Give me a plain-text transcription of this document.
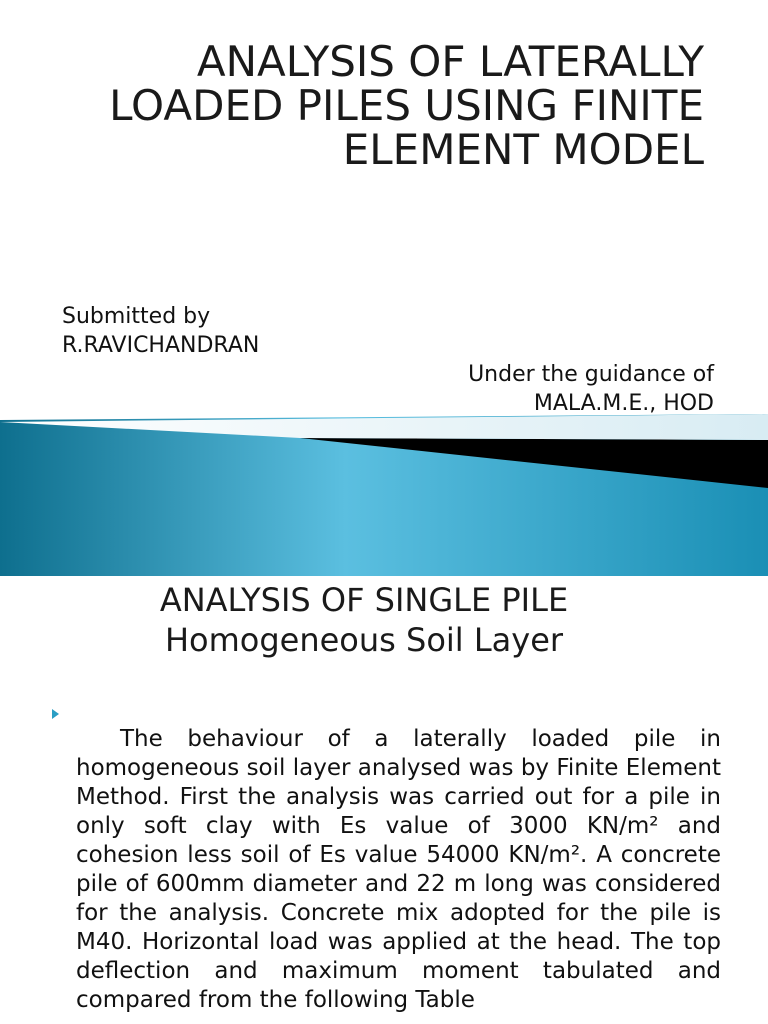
ANALYSIS OF LATERALLY
LOADED PILES USING FINITE
ELEMENT MODEL
Submitted by
R.RAVICHANDRAN
Under the guidance of
MALA.M.E., HOD
ANALYSIS OF SINGLE PILE
Homogeneous Soil Layer

The behaviour of a laterally loaded pile in homogeneous soil layer analysed was by Finite Element Method. First the analysis was carried out for a pile in only soft clay with Es value of 3000 KN/m² and cohesion less soil of Es value 54000 KN/m². A concrete pile of 600mm diameter and 22 m long was considered for the analysis. Concrete mix adopted for the pile is M40. Horizontal load was applied at the head. The top deflection and maximum moment tabulated and compared from the following Table
